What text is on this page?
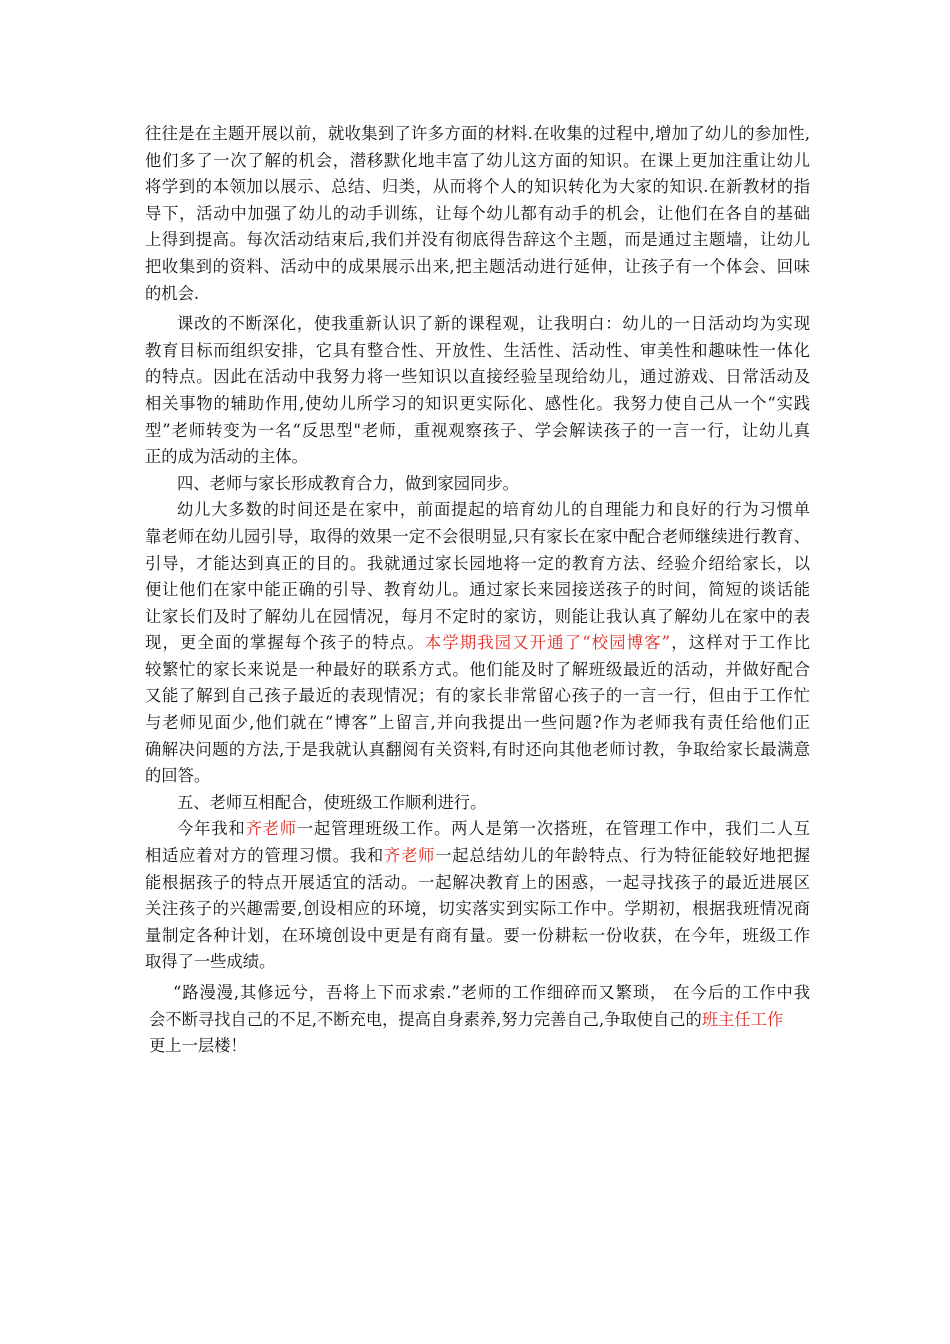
往往是在主题开展以前，就收集到了许多方面的材料.在收集的过程中,增加了幼儿的参加性,
他们多了一次了解的机会，潜移默化地丰富了幼儿这方面的知识。在课上更加注重让幼儿
将学到的本领加以展示、总结、归类，从而将个人的知识转化为大家的知识.在新教材的指
导下，活动中加强了幼儿的动手训练，让每个幼儿都有动手的机会，让他们在各自的基础
上得到提高。每次活动结束后,我们并没有彻底得告辞这个主题，而是通过主题墙，让幼儿
把收集到的资料、活动中的成果展示出来,把主题活动进行延伸，让孩子有一个体会、回味
的机会.
课改的不断深化，使我重新认识了新的课程观，让我明白：幼儿的一日活动均为实现
教育目标而组织安排，它具有整合性、开放性、生活性、活动性、审美性和趣味性一体化
的特点。因此在活动中我努力将一些知识以直接经验呈现给幼儿，通过游戏、日常活动及
相关事物的辅助作用,使幼儿所学习的知识更实际化、感性化。我努力使自己从一个“实践
型”老师转变为一名“反思型"老师，重视观察孩子、学会解读孩子的一言一行，让幼儿真
正的成为活动的主体。
四、老师与家长形成教育合力，做到家园同步。
幼儿大多数的时间还是在家中，前面提起的培育幼儿的自理能力和良好的行为习惯单
靠老师在幼儿园引导，取得的效果一定不会很明显,只有家长在家中配合老师继续进行教育、
引导，才能达到真正的目的。我就通过家长园地将一定的教育方法、经验介绍给家长，以
便让他们在家中能正确的引导、教育幼儿。通过家长来园接送孩子的时间，简短的谈话能
让家长们及时了解幼儿在园情况，每月不定时的家访，则能让我认真了解幼儿在家中的表
现，更全面的掌握每个孩子的特点。本学期我园又开通了“校园博客”，这样对于工作比
较繁忙的家长来说是一种最好的联系方式。他们能及时了解班级最近的活动，并做好配合
又能了解到自己孩子最近的表现情况；有的家长非常留心孩子的一言一行，但由于工作忙
与老师见面少,他们就在“博客”上留言,并向我提出一些问题?作为老师我有责任给他们正
确解决问题的方法,于是我就认真翻阅有关资料,有时还向其他老师讨教，争取给家长最满意
的回答。
五、老师互相配合，使班级工作顺利进行。
今年我和齐老师一起管理班级工作。两人是第一次搭班，在管理工作中，我们二人互
相适应着对方的管理习惯。我和齐老师一起总结幼儿的年龄特点、行为特征能较好地把握
能根据孩子的特点开展适宜的活动。一起解决教育上的困惑，一起寻找孩子的最近进展区
关注孩子的兴趣需要,创设相应的环境，切实落实到实际工作中。学期初，根据我班情况商
量制定各种计划，在环境创设中更是有商有量。要一份耕耘一份收获，在今年，班级工作
取得了一些成绩。
“路漫漫,其修远兮，吾将上下而求索.”老师的工作细碎而又繁琐， 在今后的工作中我
会不断寻找自己的不足,不断充电，提高自身素养,努力完善自己,争取使自己的班主任工作
更上一层楼！
